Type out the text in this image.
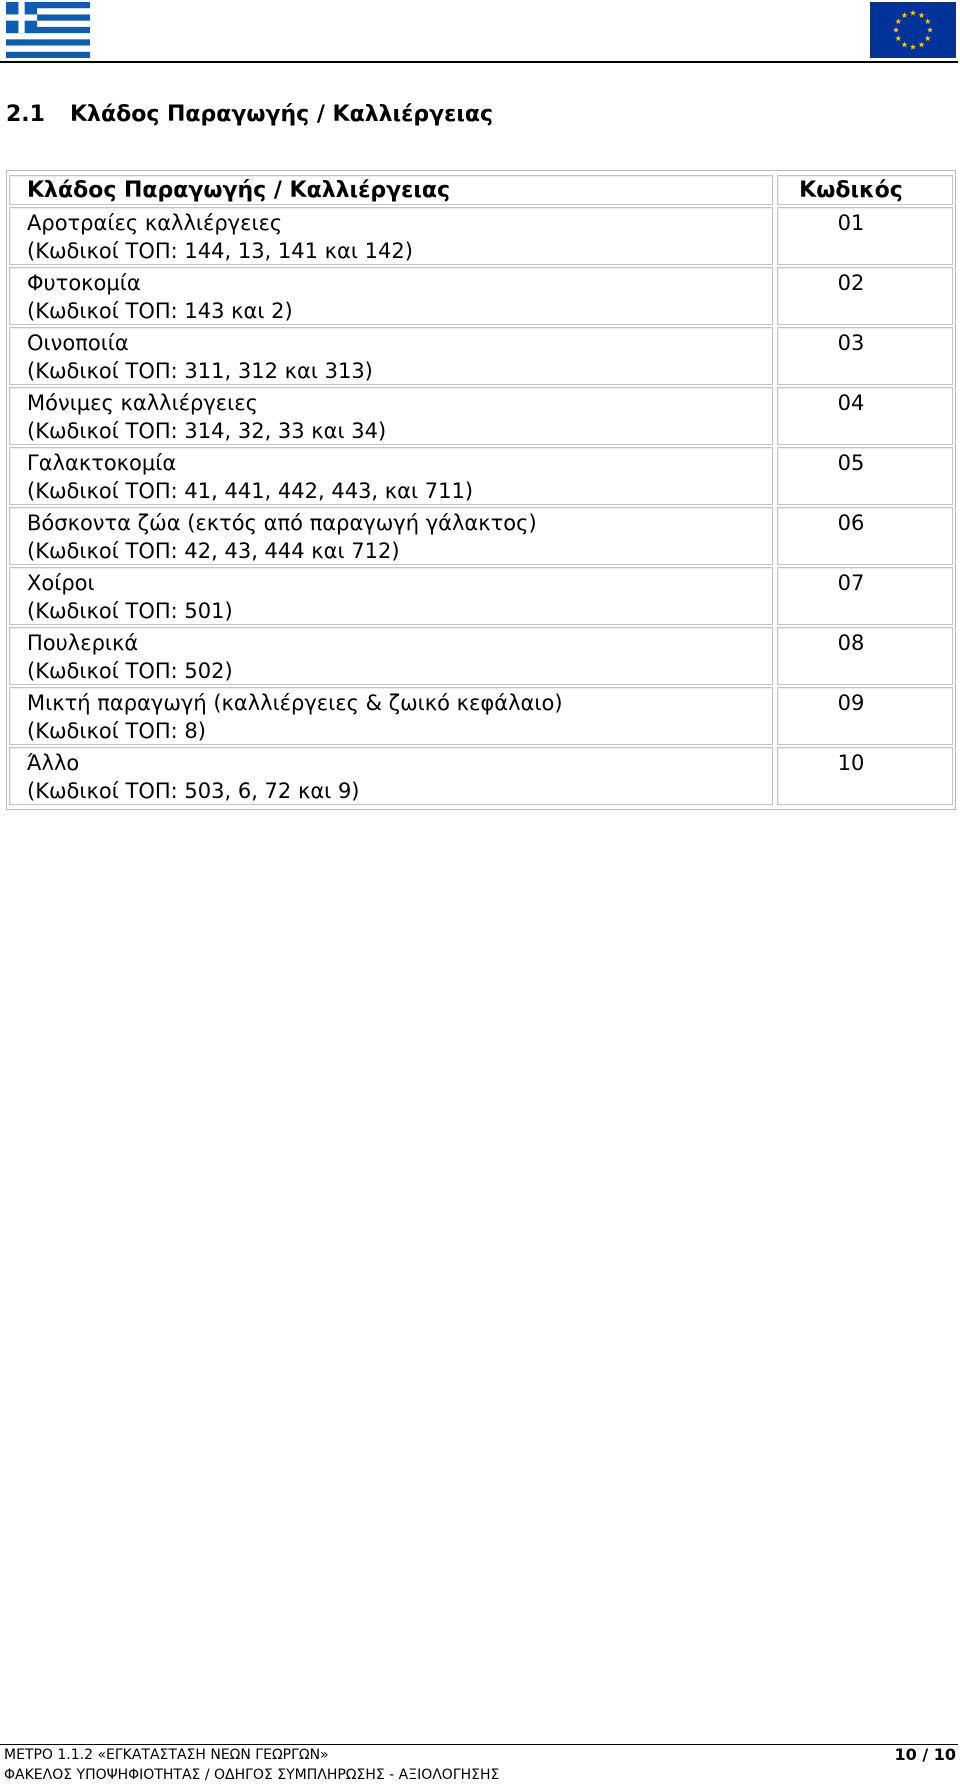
2.1 Κλάδος Παραγωγής / Καλλιέργειας
Κλάδος Παραγωγής / Καλλιέργειας	Κωδικός
Αροτραίες καλλιέργειες
(Κωδικοί ΤΟΠ: 144, 13, 141 και 142)
01
Φυτοκομία
(Κωδικοί ΤΟΠ: 143 και 2)
02
Οινοποιία
(Κωδικοί ΤΟΠ: 311, 312 και 313)
03
Μόνιμες καλλιέργειες
(Κωδικοί ΤΟΠ: 314, 32, 33 και 34)
04
Γαλακτοκομία
(Κωδικοί ΤΟΠ: 41, 441, 442, 443, και 711)
05
Βόσκοντα ζώα (εκτός από παραγωγή γάλακτος)
(Κωδικοί ΤΟΠ: 42, 43, 444 και 712)
06
Χοίροι
(Κωδικοί ΤΟΠ: 501)
07
Πουλερικά
(Κωδικοί ΤΟΠ: 502)
08
Μικτή παραγωγή (καλλιέργειες & ζωικό κεφάλαιο)
(Κωδικοί ΤΟΠ: 8)
09
Άλλο
(Κωδικοί ΤΟΠ: 503, 6, 72 και 9)
10
ΜΕΤΡΟ 1.1.2 «ΕΓΚΑΤΑΣΤΑΣΗ ΝΕΩΝ ΓΕΩΡΓΩΝ»
ΦΑΚΕΛΟΣ ΥΠΟΨΗΦΙΟΤΗΤΑΣ / ΟΔΗΓΟΣ ΣΥΜΠΛΗΡΩΣΗΣ - ΑΞΙΟΛΟΓΗΣΗΣ
10 / 10
